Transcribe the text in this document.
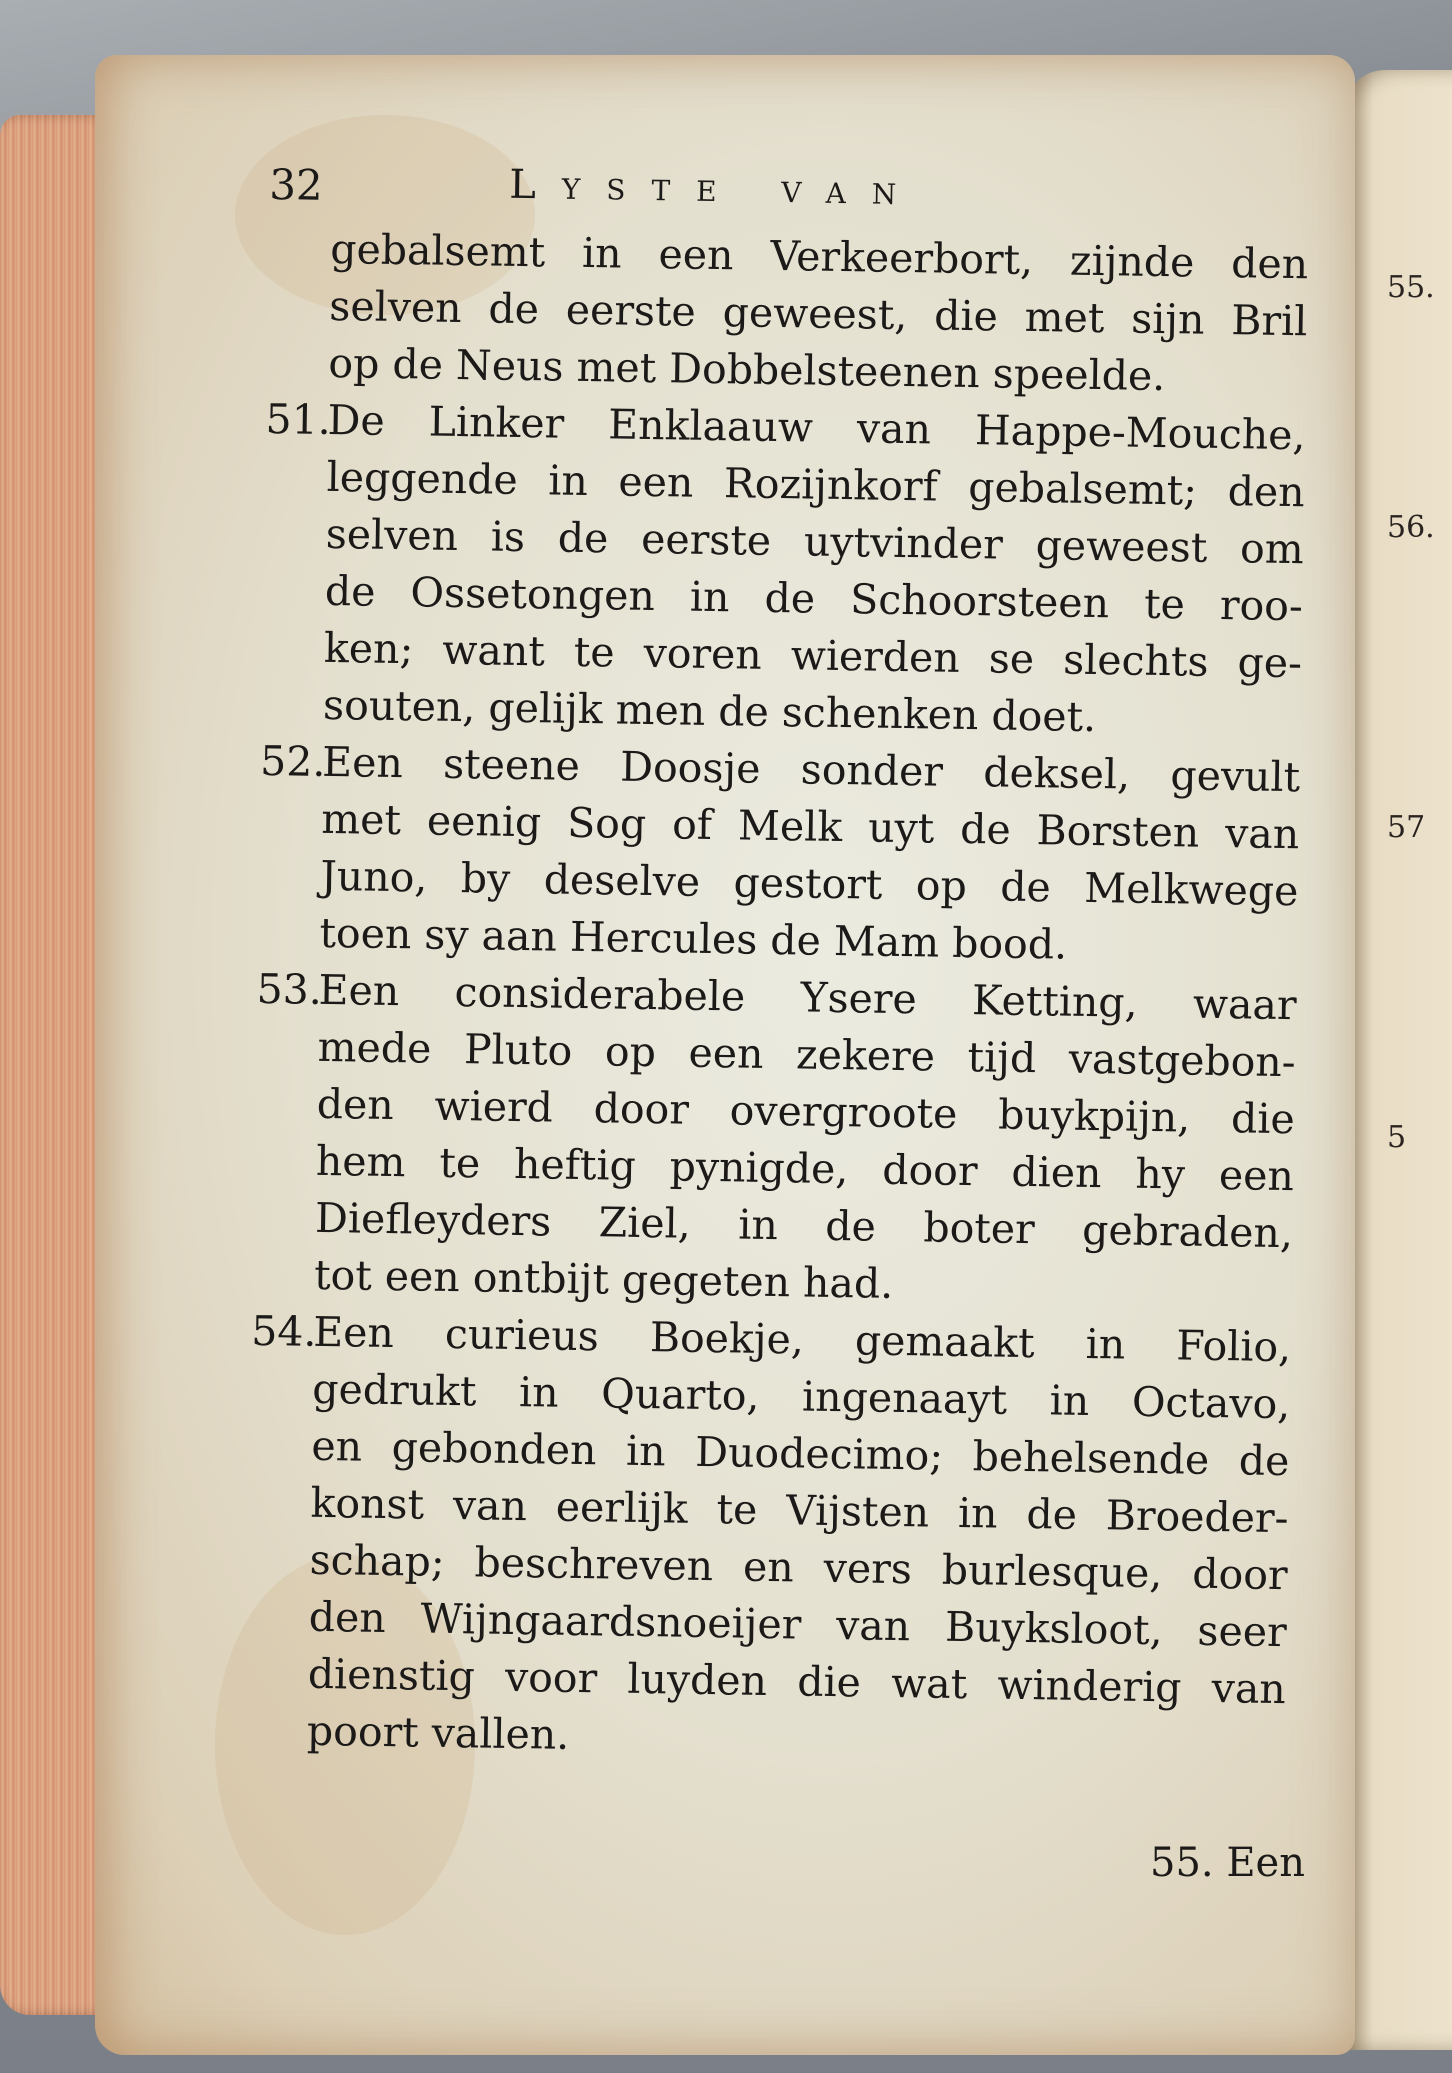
55.
56.
57
5
32	Lyste van
gebalsemt in een Verkeerbort, zijnde den
selven de eerste geweest, die met sijn Bril
op de Neus met Dobbelsteenen speelde.
51.
De Linker Enklaauw van Happe-Mouche,
leggende in een Rozijnkorf gebalsemt; den
selven is de eerste uytvinder geweest om
de Ossetongen in de Schoorsteen te roo-
ken; want te voren wierden se slechts ge-
souten, gelijk men de schenken doet.
52.
Een steene Doosje sonder deksel, gevult
met eenig Sog of Melk uyt de Borsten van
Juno, by deselve gestort op de Melkwege
toen sy aan Hercules de Mam bood.
53.
Een considerabele Ysere Ketting, waar
mede Pluto op een zekere tijd vastgebon-
den wierd door overgroote buykpijn, die
hem te heftig pynigde, door dien hy een
Diefleyders Ziel, in de boter gebraden,
tot een ontbijt gegeten had.
54.
Een curieus Boekje, gemaakt in Folio,
gedrukt in Quarto, ingenaayt in Octavo,
en gebonden in Duodecimo; behelsende de
konst van eerlijk te Vijsten in de Broeder-
schap; beschreven en vers burlesque, door
den Wijngaardsnoeijer van Buyksloot, seer
dienstig voor luyden die wat winderig van
poort vallen.
55. Een
